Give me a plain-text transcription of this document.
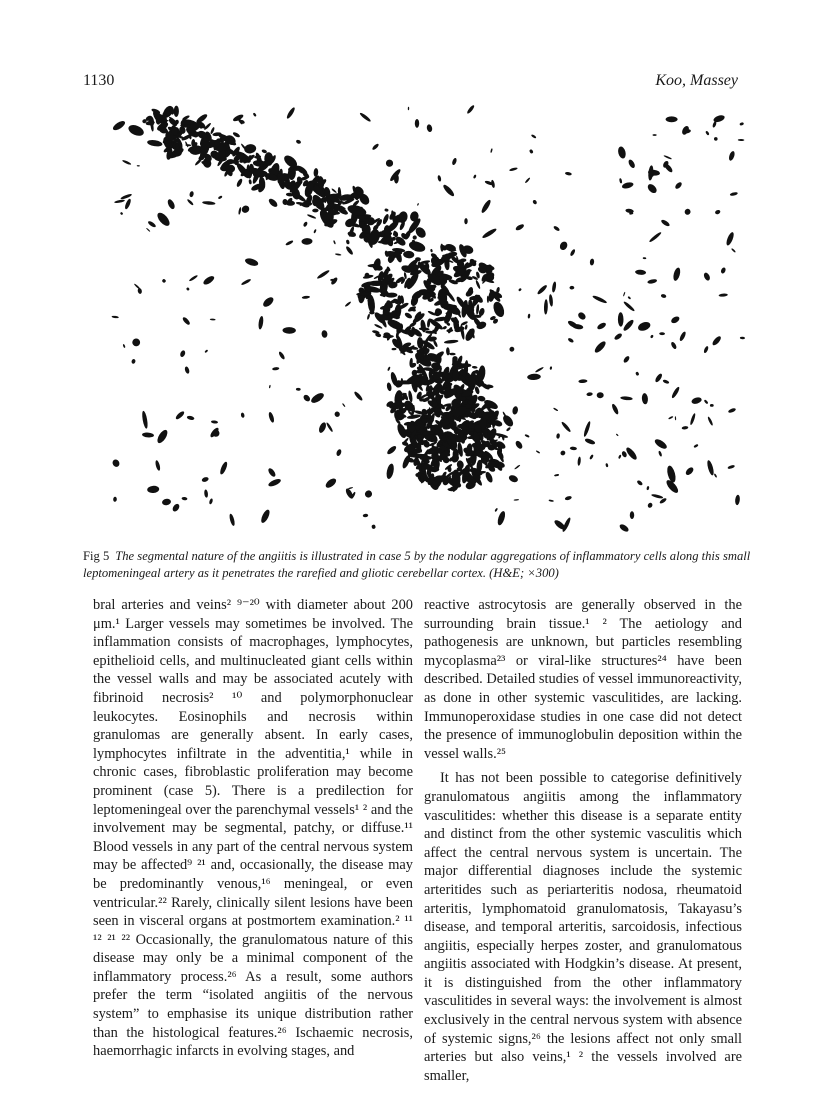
1130	Koo, Massey
Fig 5 The segmental nature of the angiitis is illustrated in case 5 by the nodular aggregations of inflammatory cells along this small leptomeningeal artery as it penetrates the rarefied and gliotic cerebellar cortex. (H&E; ×300)

bral arteries and veins² ⁹⁻²⁰ with diameter about 200 μm.¹ Larger vessels may sometimes be involved. The inflammation consists of macrophages, lymphocytes, epithelioid cells, and multinucleated giant cells within the vessel walls and may be associated acutely with fibrinoid necrosis² ¹⁰ and polymorphonuclear leukocytes. Eosinophils and necrosis within granulomas are generally absent. In early cases, lymphocytes infiltrate in the adventitia,¹ while in chronic cases, fibroblastic proliferation may become prominent (case 5). There is a predilection for leptomeningeal over the parenchymal vessels¹ ² and the involvement may be segmental, patchy, or diffuse.¹¹ Blood vessels in any part of the central nervous system may be affected⁹ ²¹ and, occasionally, the disease may be predominantly venous,¹⁶ meningeal, or even ventricular.²² Rarely, clinically silent lesions have been seen in visceral organs at postmortem examination.² ¹¹ ¹² ²¹ ²² Occasionally, the granulomatous nature of this disease may only be a minimal component of the inflammatory process.²⁶ As a result, some authors prefer the term “isolated angiitis of the nervous system” to emphasise its unique distribution rather than the histological features.²⁶ Ischaemic necrosis, haemorrhagic infarcts in evolving stages, and

reactive astrocytosis are generally observed in the surrounding brain tissue.¹ ² The aetiology and pathogenesis are unknown, but particles resembling mycoplasma²³ or viral-like structures²⁴ have been described. Detailed studies of vessel immunoreactivity, as done in other systemic vasculitides, are lacking. Immunoperoxidase studies in one case did not detect the presence of immunoglobulin deposition within the vessel walls.²⁵

It has not been possible to categorise definitively granulomatous angiitis among the inflammatory vasculitides: whether this disease is a separate entity and distinct from the other systemic vasculitis which affect the central nervous system is uncertain. The major differential diagnoses include the systemic arteritides such as periarteritis nodosa, rheumatoid arteritis, lymphomatoid granulomatosis, Takayasu’s disease, and temporal arteritis, sarcoidosis, infectious angiitis, especially herpes zoster, and granulomatous angiitis associated with Hodgkin’s disease. At present, it is distinguished from the other inflammatory vasculitides in several ways: the involvement is almost exclusively in the central nervous system with absence of systemic signs,²⁶ the lesions affect not only small arteries but also veins,¹ ² the vessels involved are smaller,
